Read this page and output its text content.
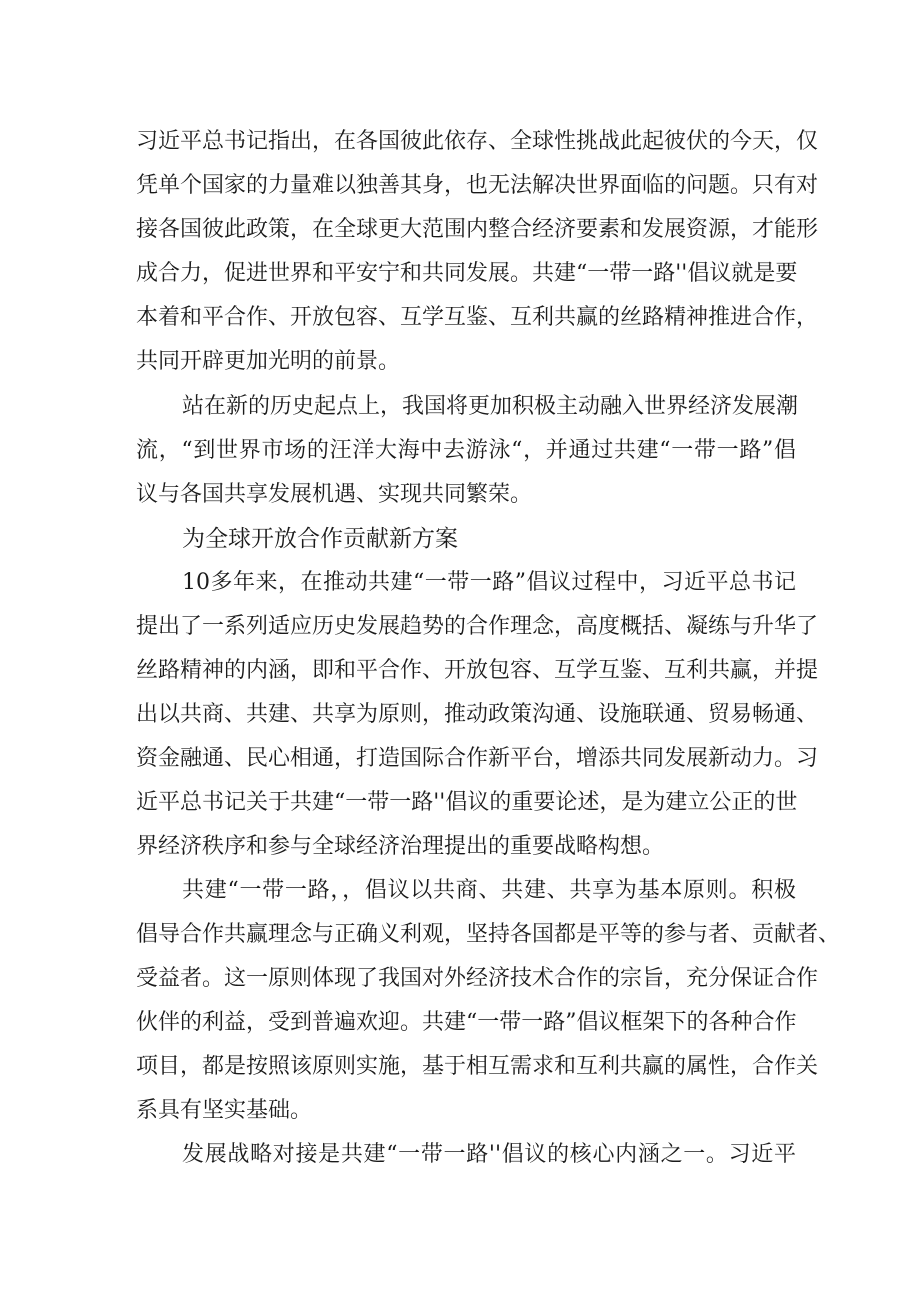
习近平总书记指出，在各国彼此依存、全球性挑战此起彼伏的今天，仅
凭单个国家的力量难以独善其身，也无法解决世界面临的问题。只有对
接各国彼此政策，在全球更大范围内整合经济要素和发展资源，才能形
成合力，促进世界和平安宁和共同发展。共建“一带一路''倡议就是要
本着和平合作、开放包容、互学互鉴、互利共赢的丝路精神推进合作，
共同开辟更加光明的前景。
站在新的历史起点上，我国将更加积极主动融入世界经济发展潮
流，“到世界市场的汪洋大海中去游泳“，并通过共建“一带一路”倡
议与各国共享发展机遇、实现共同繁荣。
为全球开放合作贡献新方案
10多年来，在推动共建“一带一路”倡议过程中，习近平总书记
提出了一系列适应历史发展趋势的合作理念，高度概括、凝练与升华了
丝路精神的内涵，即和平合作、开放包容、互学互鉴、互利共赢，并提
出以共商、共建、共享为原则，推动政策沟通、设施联通、贸易畅通、
资金融通、民心相通，打造国际合作新平台，增添共同发展新动力。习
近平总书记关于共建“一带一路''倡议的重要论述，是为建立公正的世
界经济秩序和参与全球经济治理提出的重要战略构想。
共建“一带一路，，倡议以共商、共建、共享为基本原则。积极
倡导合作共赢理念与正确义利观，坚持各国都是平等的参与者、贡献者、
受益者。这一原则体现了我国对外经济技术合作的宗旨，充分保证合作
伙伴的利益，受到普遍欢迎。共建“一带一路”倡议框架下的各种合作
项目，都是按照该原则实施，基于相互需求和互利共赢的属性，合作关
系具有坚实基础。
发展战略对接是共建“一带一路''倡议的核心内涵之一。习近平
